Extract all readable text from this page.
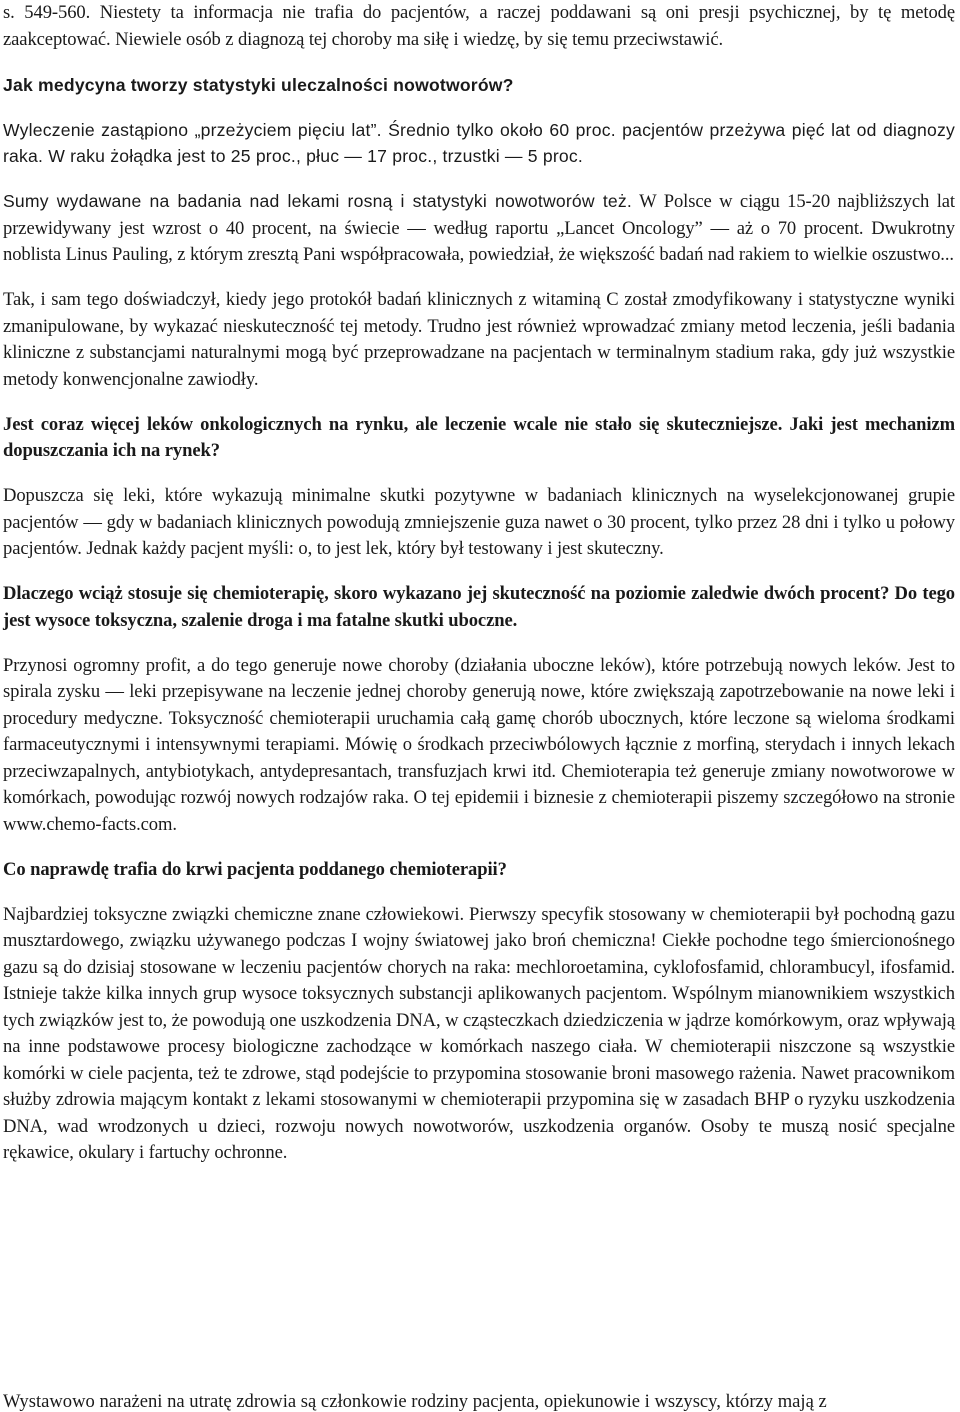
s. 549-560. Niestety ta informacja nie trafia do pacjentów, a raczej poddawani są oni presji psychicznej, by tę metodę zaakceptować. Niewiele osób z diagnozą tej choroby ma siłę i wiedzę, by się temu przeciwstawić.

Jak medycyna tworzy statystyki uleczalności nowotworów?

Wyleczenie zastąpiono „przeżyciem pięciu lat”. Średnio tylko około 60 proc. pacjentów przeżywa pięć lat od diagnozy raka. W raku żołądka jest to 25 proc., płuc — 17 proc., trzustki — 5 proc.

Sumy wydawane na badania nad lekami rosną i statystyki nowotworów też. W Polsce w ciągu 15-20 najbliższych lat przewidywany jest wzrost o 40 procent, na świecie — według raportu „Lancet Oncology” — aż o 70 procent. Dwukrotny noblista Linus Pauling, z którym zresztą Pani współpracowała, powiedział, że większość badań nad rakiem to wielkie oszustwo...

Tak, i sam tego doświadczył, kiedy jego protokół badań klinicznych z witaminą C został zmodyfikowany i statystyczne wyniki zmanipulowane, by wykazać nieskuteczność tej metody. Trudno jest również wprowadzać zmiany metod leczenia, jeśli badania kliniczne z substancjami naturalnymi mogą być przeprowadzane na pacjentach w terminalnym stadium raka, gdy już wszystkie metody konwencjonalne zawiodły.

Jest coraz więcej leków onkologicznych na rynku, ale leczenie wcale nie stało się skuteczniejsze. Jaki jest mechanizm dopuszczania ich na rynek?

Dopuszcza się leki, które wykazują minimalne skutki pozytywne w badaniach klinicznych na wyselekcjonowanej grupie pacjentów — gdy w badaniach klinicznych powodują zmniejszenie guza nawet o 30 procent, tylko przez 28 dni i tylko u połowy pacjentów. Jednak każdy pacjent myśli: o, to jest lek, który był testowany i jest skuteczny.

Dlaczego wciąż stosuje się chemioterapię, skoro wykazano jej skuteczność na poziomie zaledwie dwóch procent? Do tego jest wysoce toksyczna, szalenie droga i ma fatalne skutki uboczne.

Przynosi ogromny profit, a do tego generuje nowe choroby (działania uboczne leków), które potrzebują nowych leków. Jest to spirala zysku — leki przepisywane na leczenie jednej choroby generują nowe, które zwiększają zapotrzebowanie na nowe leki i procedury medyczne. Toksyczność chemioterapii uruchamia całą gamę chorób ubocznych, które leczone są wieloma środkami farmaceutycznymi i intensywnymi terapiami. Mówię o środkach przeciwbólowych łącznie z morfiną, sterydach i innych lekach przeciwzapalnych, antybiotykach, antydepresantach, transfuzjach krwi itd. Chemioterapia też generuje zmiany nowotworowe w komórkach, powodując rozwój nowych rodzajów raka. O tej epidemii i biznesie z chemioterapii piszemy szczegółowo na stronie www.chemo-facts.com.

Co naprawdę trafia do krwi pacjenta poddanego chemioterapii?

Najbardziej toksyczne związki chemiczne znane człowiekowi. Pierwszy specyfik stosowany w chemioterapii był pochodną gazu musztardowego, związku używanego podczas I wojny światowej jako broń chemiczna! Ciekłe pochodne tego śmiercionośnego gazu są do dzisiaj stosowane w leczeniu pacjentów chorych na raka: mechloroetamina, cyklofosfamid, chlorambucyl, ifosfamid. Istnieje także kilka innych grup wysoce toksycznych substancji aplikowanych pacjentom. Wspólnym mianownikiem wszystkich tych związków jest to, że powodują one uszkodzenia DNA, w cząsteczkach dziedziczenia w jądrze komórkowym, oraz wpływają na inne podstawowe procesy biologiczne zachodzące w komórkach naszego ciała. W chemioterapii niszczone są wszystkie komórki w ciele pacjenta, też te zdrowe, stąd podejście to przypomina stosowanie broni masowego rażenia. Nawet pracownikom służby zdrowia mającym kontakt z lekami stosowanymi w chemioterapii przypomina się w zasadach BHP o ryzyku uszkodzenia DNA, wad wrodzonych u dzieci, rozwoju nowych nowotworów, uszkodzenia organów. Osoby te muszą nosić specjalne rękawice, okulary i fartuchy ochronne.

Wystawowo narażeni na utratę zdrowia są członkowie rodziny pacjenta, opiekunowie i wszyscy, którzy mają z
